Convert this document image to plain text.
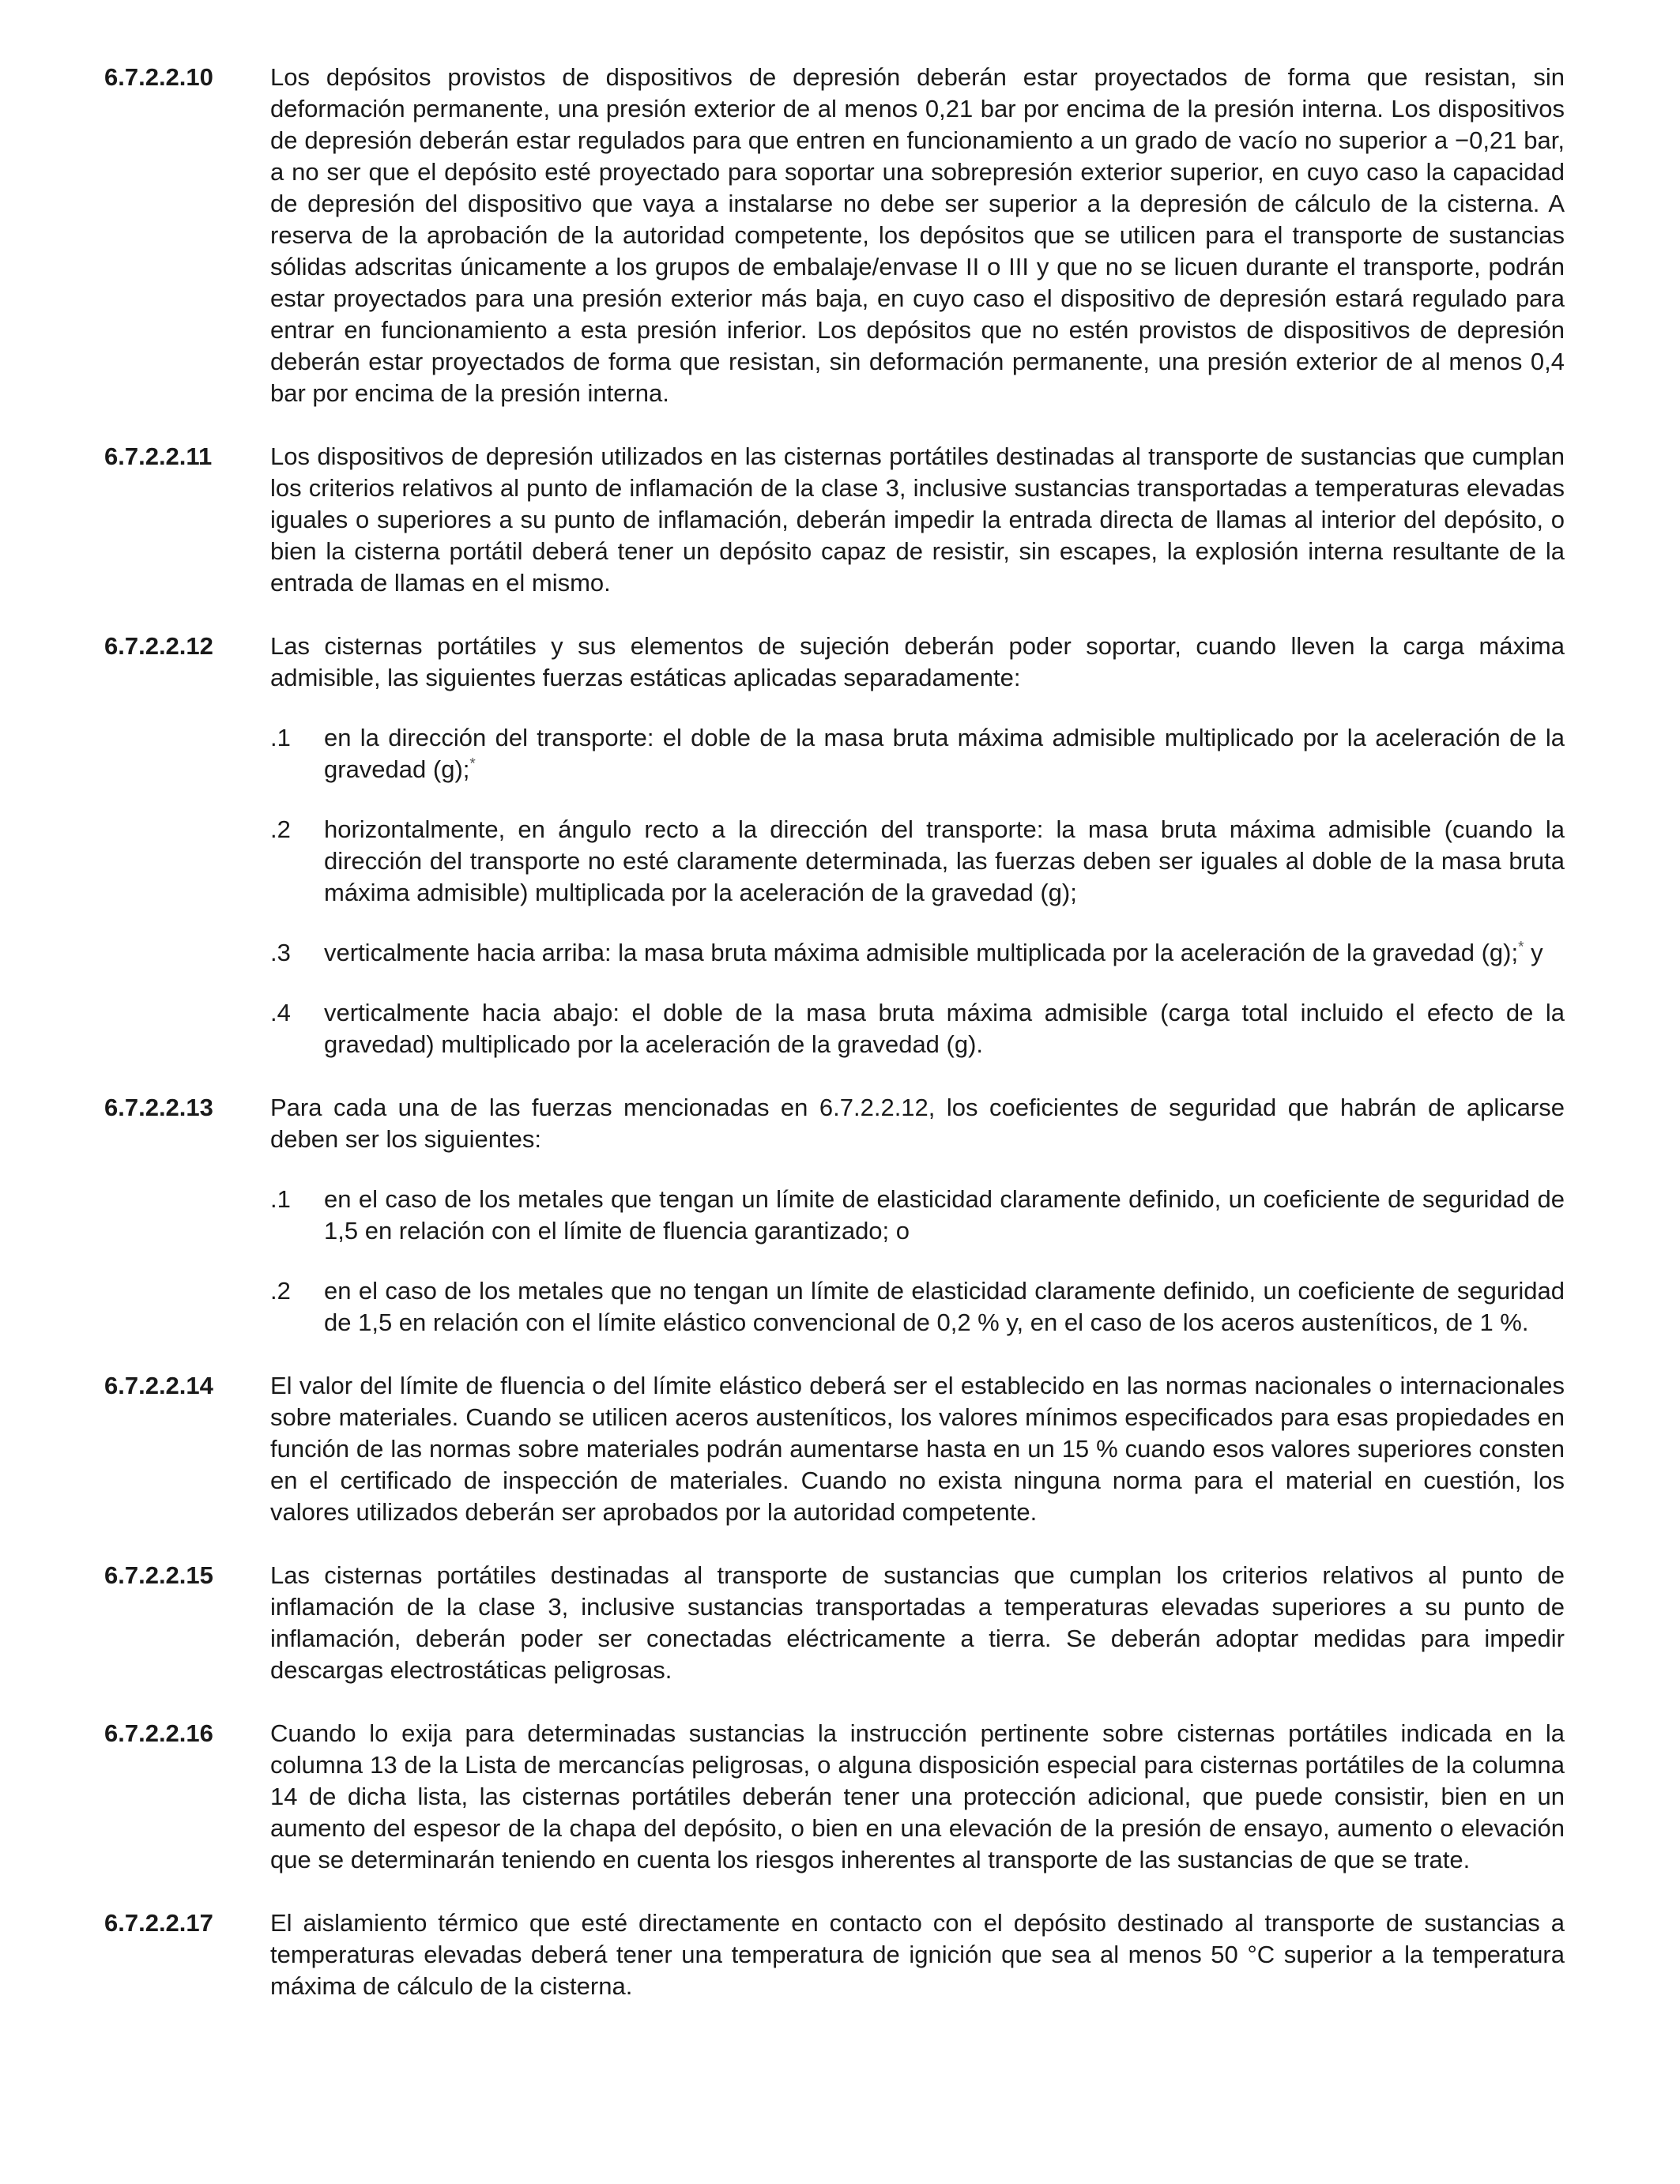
6.7.2.2.10	Los depósitos provistos de dispositivos de depresión deberán estar proyectados de forma que resistan, sin deformación permanente, una presión exterior de al menos 0,21 bar por encima de la presión interna. Los dispositivos de depresión deberán estar regulados para que entren en funcionamiento a un grado de vacío no superior a −0,21 bar, a no ser que el depósito esté proyectado para soportar una sobrepresión exterior superior, en cuyo caso la capacidad de depresión del dispositivo que vaya a instalarse no debe ser superior a la depresión de cálculo de la cisterna. A reserva de la aprobación de la autoridad competente, los depósitos que se utilicen para el transporte de sustancias sólidas adscritas únicamente a los grupos de embalaje/envase II o III y que no se licuen durante el transporte, podrán estar proyectados para una presión exterior más baja, en cuyo caso el dispositivo de depresión estará regulado para entrar en funcionamiento a esta presión inferior. Los depósitos que no estén provistos de dispositivos de depresión deberán estar proyectados de forma que resistan, sin deformación permanente, una presión exterior de al menos 0,4 bar por encima de la presión interna.

6.7.2.2.11	Los dispositivos de depresión utilizados en las cisternas portátiles destinadas al transporte de sustancias que cumplan los criterios relativos al punto de inflamación de la clase 3, inclusive sustancias transportadas a temperaturas elevadas iguales o superiores a su punto de inflamación, deberán impedir la entrada directa de llamas al interior del depósito, o bien la cisterna portátil deberá tener un depósito capaz de resistir, sin escapes, la explosión interna resultante de la entrada de llamas en el mismo.

6.7.2.2.12	Las cisternas portátiles y sus elementos de sujeción deberán poder soportar, cuando lleven la carga máxima admisible, las siguientes fuerzas estáticas aplicadas separadamente:

.1	en la dirección del transporte: el doble de la masa bruta máxima admisible multiplicado por la aceleración de la gravedad (g);*
.2	horizontalmente, en ángulo recto a la dirección del transporte: la masa bruta máxima admisible (cuando la dirección del transporte no esté claramente determinada, las fuerzas deben ser iguales al doble de la masa bruta máxima admisible) multiplicada por la aceleración de la gravedad (g);
.3	verticalmente hacia arriba: la masa bruta máxima admisible multiplicada por la aceleración de la gravedad (g);* y
.4	verticalmente hacia abajo: el doble de la masa bruta máxima admisible (carga total incluido el efecto de la gravedad) multiplicado por la aceleración de la gravedad (g).
6.7.2.2.13	Para cada una de las fuerzas mencionadas en 6.7.2.2.12, los coeficientes de seguridad que habrán de aplicarse deben ser los siguientes:

.1	en el caso de los metales que tengan un límite de elasticidad claramente definido, un coeficiente de seguridad de 1,5 en relación con el límite de fluencia garantizado; o
.2	en el caso de los metales que no tengan un límite de elasticidad claramente definido, un coeficiente de seguridad de 1,5 en relación con el límite elástico convencional de 0,2 % y, en el caso de los aceros austeníticos, de 1 %.
6.7.2.2.14	El valor del límite de fluencia o del límite elástico deberá ser el establecido en las normas nacionales o internacionales sobre materiales. Cuando se utilicen aceros austeníticos, los valores mínimos especificados para esas propiedades en función de las normas sobre materiales podrán aumentarse hasta en un 15 % cuando esos valores superiores consten en el certificado de inspección de materiales. Cuando no exista ninguna norma para el material en cuestión, los valores utilizados deberán ser aprobados por la autoridad competente.

6.7.2.2.15	Las cisternas portátiles destinadas al transporte de sustancias que cumplan los criterios relativos al punto de inflamación de la clase 3, inclusive sustancias transportadas a temperaturas elevadas superiores a su punto de inflamación, deberán poder ser conectadas eléctricamente a tierra. Se deberán adoptar medidas para impedir descargas electrostáticas peligrosas.

6.7.2.2.16	Cuando lo exija para determinadas sustancias la instrucción pertinente sobre cisternas portátiles indicada en la columna 13 de la Lista de mercancías peligrosas, o alguna disposición especial para cisternas portátiles de la columna 14 de dicha lista, las cisternas portátiles deberán tener una protección adicional, que puede consistir, bien en un aumento del espesor de la chapa del depósito, o bien en una elevación de la presión de ensayo, aumento o elevación que se determinarán teniendo en cuenta los riesgos inherentes al transporte de las sustancias de que se trate.

6.7.2.2.17	El aislamiento térmico que esté directamente en contacto con el depósito destinado al transporte de sustancias a temperaturas elevadas deberá tener una temperatura de ignición que sea al menos 50 °C superior a la temperatura máxima de cálculo de la cisterna.
